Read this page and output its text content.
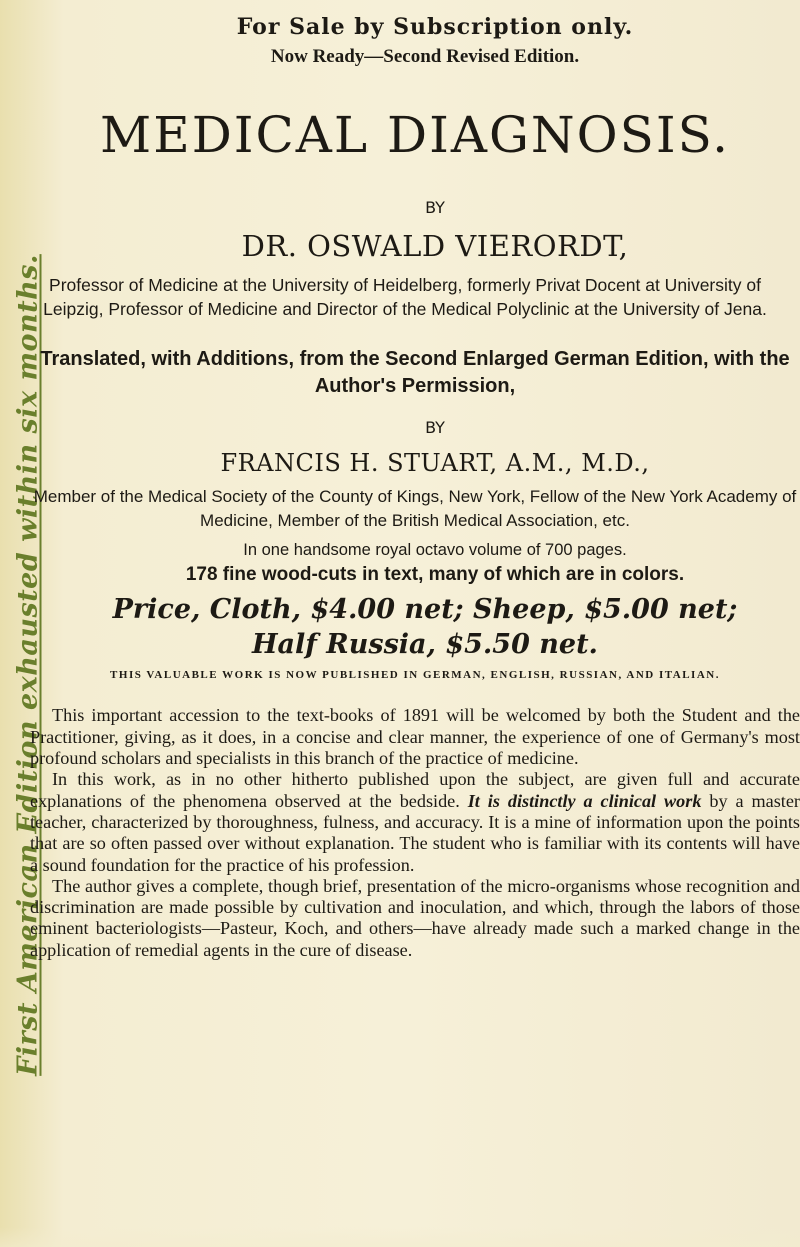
First American Edition exhausted within six months.
For Sale by Subscription only.
Now Ready—Second Revised Edition.
MEDICAL DIAGNOSIS.
BY
DR. OSWALD VIERORDT,
Professor of Medicine at the University of Heidelberg, formerly Privat Docent at University of Leipzig, Professor of Medicine and Director of the Medical Polyclinic at the University of Jena.
Translated, with Additions, from the Second Enlarged German Edition, with the Author's Permission,
BY
FRANCIS H. STUART, A.M., M.D.,
Member of the Medical Society of the County of Kings, New York, Fellow of the New York Academy of Medicine, Member of the British Medical Association, etc.
In one handsome royal octavo volume of 700 pages.
178 fine wood-cuts in text, many of which are in colors.
Price, Cloth, $4.00 net; Sheep, $5.00 net;
Half Russia, $5.50 net.
THIS VALUABLE WORK IS NOW PUBLISHED IN GERMAN, ENGLISH, RUSSIAN, AND ITALIAN.

This important accession to the text-books of 1891 will be welcomed by both the Student and the Practitioner, giving, as it does, in a concise and clear manner, the experience of one of Germany's most profound scholars and specialists in this branch of the practice of medicine.

In this work, as in no other hitherto published upon the subject, are given full and accurate explanations of the phenomena observed at the bedside. It is distinctly a clinical work by a master teacher, characterized by thoroughness, fulness, and accuracy. It is a mine of information upon the points that are so often passed over without explanation. The student who is familiar with its contents will have a sound foundation for the practice of his profession.

The author gives a complete, though brief, presentation of the micro-organisms whose recognition and discrimination are made possible by cultivation and inoculation, and which, through the labors of those eminent bacteriologists—Pasteur, Koch, and others—have already made such a marked change in the application of remedial agents in the cure of disease.
